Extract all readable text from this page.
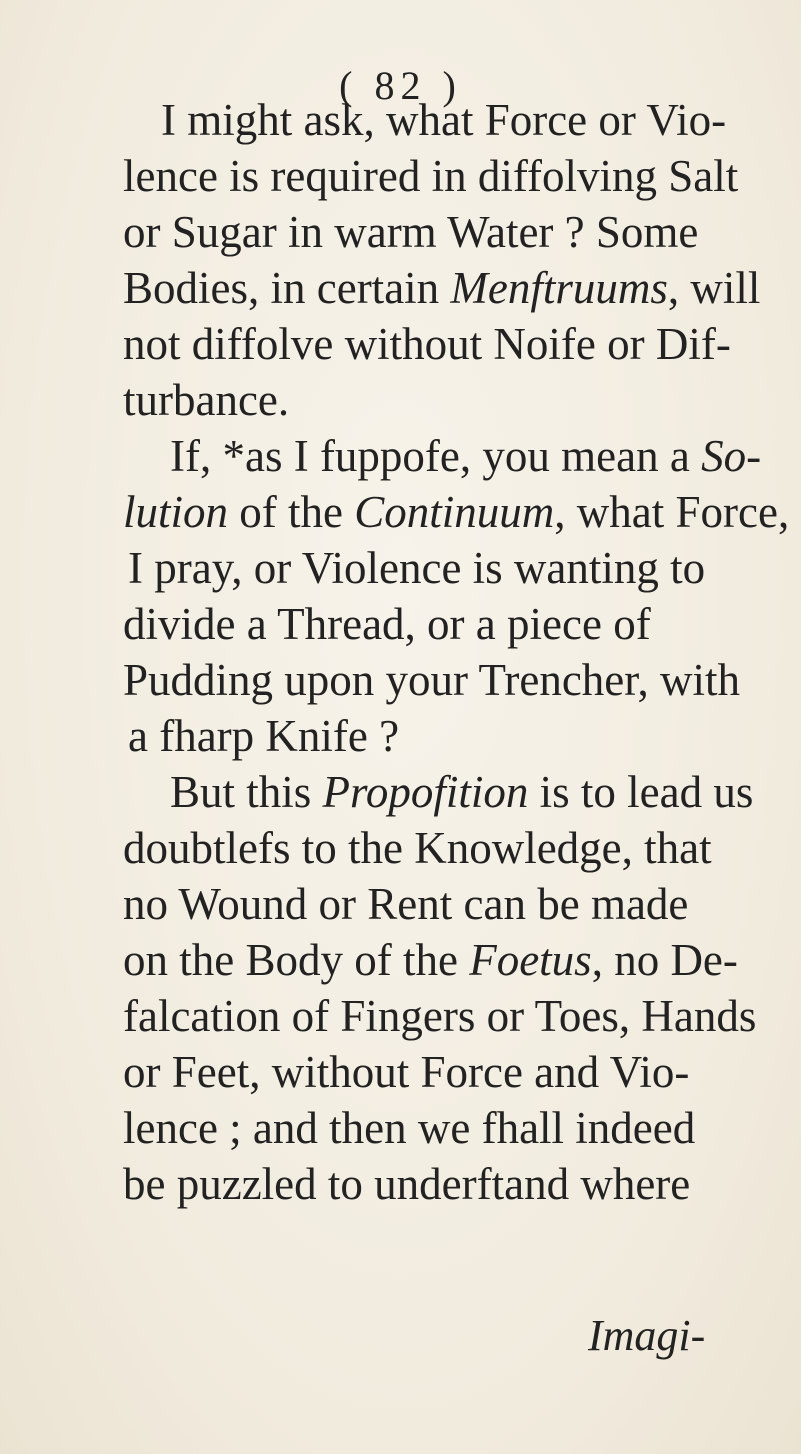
( 82 )
I might ask, what Force or Vio-
lence is required in diffolving Salt
or Sugar in warm Water ? Some
Bodies, in certain Menftruums, will
not diffolve without Noife or Dif-
turbance.
If, *as I fuppofe, you mean a So-
lution of the Continuum, what Force,
I pray, or Violence is wanting to
divide a Thread, or a piece of
Pudding upon your Trencher, with
a fharp Knife ?
But this Propofition is to lead us
doubtlefs to the Knowledge, that
no Wound or Rent can be made
on the Body of the Foetus, no De-
falcation of Fingers or Toes, Hands
or Feet, without Force and Vio-
lence ; and then we fhall indeed
be puzzled to underftand where
Imagi-
